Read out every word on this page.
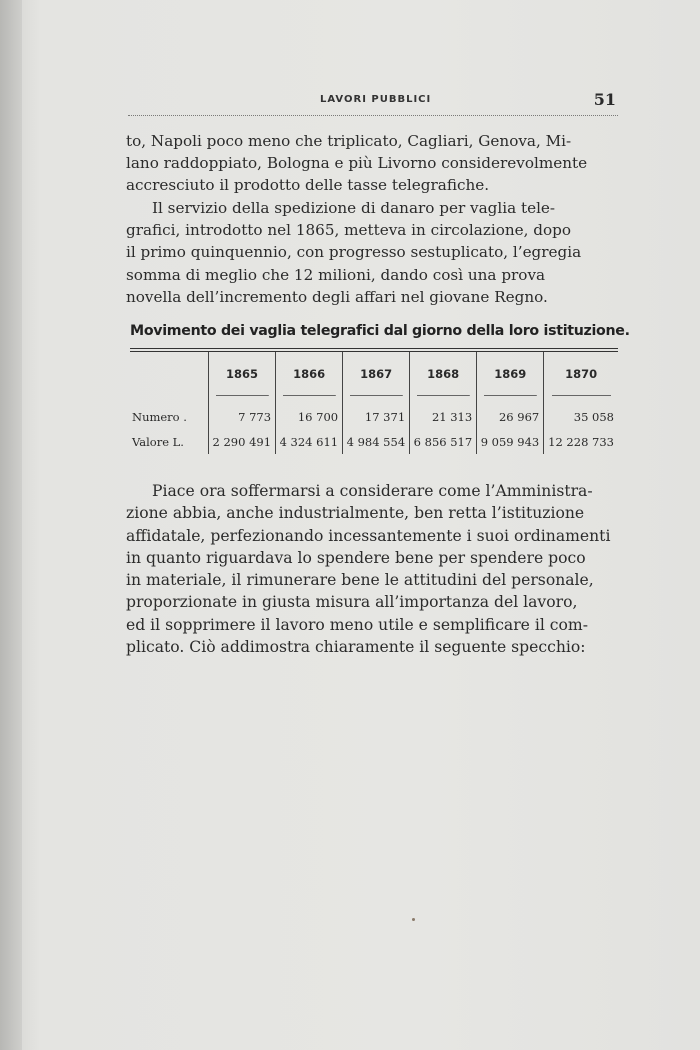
LAVORI PUBBLICI	51
to, Napoli poco meno che triplicato, Cagliari, Genova, Mi-
lano raddoppiato, Bologna e più Livorno considerevolmente
accresciuto il prodotto delle tasse telegrafiche.
Il servizio della spedizione di danaro per vaglia tele-
grafici, introdotto nel 1865, metteva in circolazione, dopo
il primo quinquennio, con progresso sestuplicato, l’egregia
somma di meglio che 12 milioni, dando così una prova
novella dell’incremento degli affari nel giovane Regno.
Movimento dei vaglia telegrafici dal giorno della loro istituzione.
	1865	1866	1867	1868	1869	1870

Numero .	7 773	16 700	17 371	21 313	26 967	35 058
Valore L.	2 290 491	4 324 611	4 984 554	6 856 517	9 059 943	12 228 733
Piace ora soffermarsi a considerare come l’Amministra-
zione abbia, anche industrialmente, ben retta l’istituzione
affidatale, perfezionando incessantemente i suoi ordinamenti
in quanto riguardava lo spendere bene per spendere poco
in materiale, il rimunerare bene le attitudini del personale,
proporzionate in giusta misura all’importanza del lavoro,
ed il sopprimere il lavoro meno utile e semplificare il com-
plicato. Ciò addimostra chiaramente il seguente specchio:
